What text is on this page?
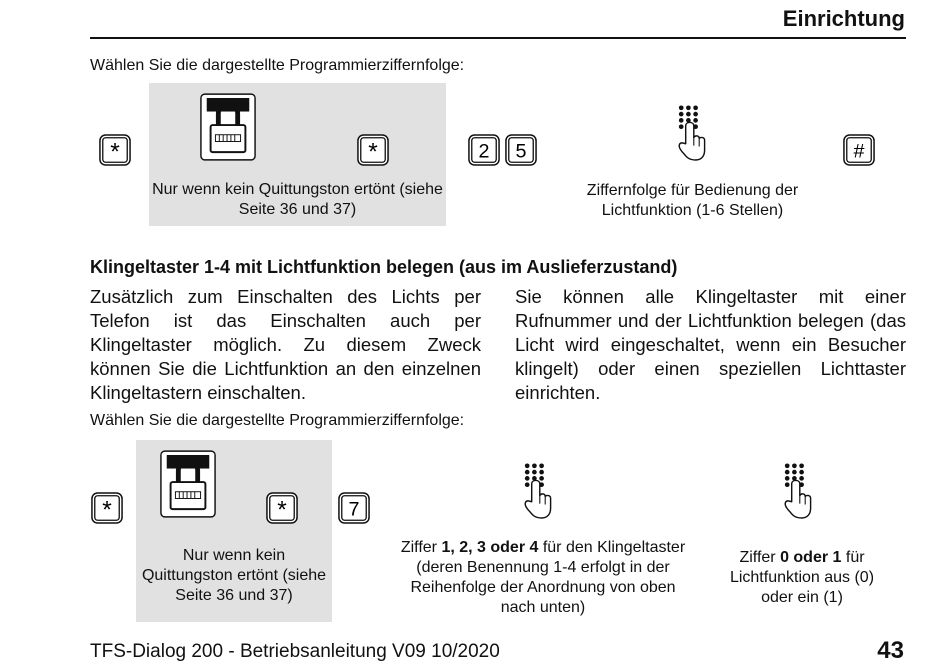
Einrichtung
Wählen Sie die dargestellte Programmierziffernfolge:
*
Nur wenn kein Quittungston ertönt (siehe Seite 36 und 37)
*	2 5	#
Ziffernfolge für Bedienung der Lichtfunktion (1-6 Stellen)
Klingeltaster 1-4 mit Lichtfunktion belegen (aus im Auslieferzustand)
Zusätzlich zum Einschalten des Lichts per Telefon ist das Einschalten auch per Klingeltaster möglich. Zu diesem Zweck können Sie die Lichtfunktion an den einzelnen Klingeltastern einschalten.
Sie können alle Klingeltaster mit einer Rufnummer und der Lichtfunktion belegen (das Licht wird eingeschaltet, wenn ein Besucher klingelt) oder einen speziellen Lichttaster einrichten.
Wählen Sie die dargestellte Programmierziffernfolge:
*
Nur wenn kein Quittungston ertönt (siehe Seite 36 und 37)
*	7
Ziffer 1, 2, 3 oder 4 für den Klingeltaster (deren Benennung 1-4 erfolgt in der Reihenfolge der Anordnung von oben nach unten)
Ziffer 0 oder 1 für Lichtfunktion aus (0) oder ein (1)
TFS-Dialog 200 - Betriebsanleitung V09 10/2020	43
